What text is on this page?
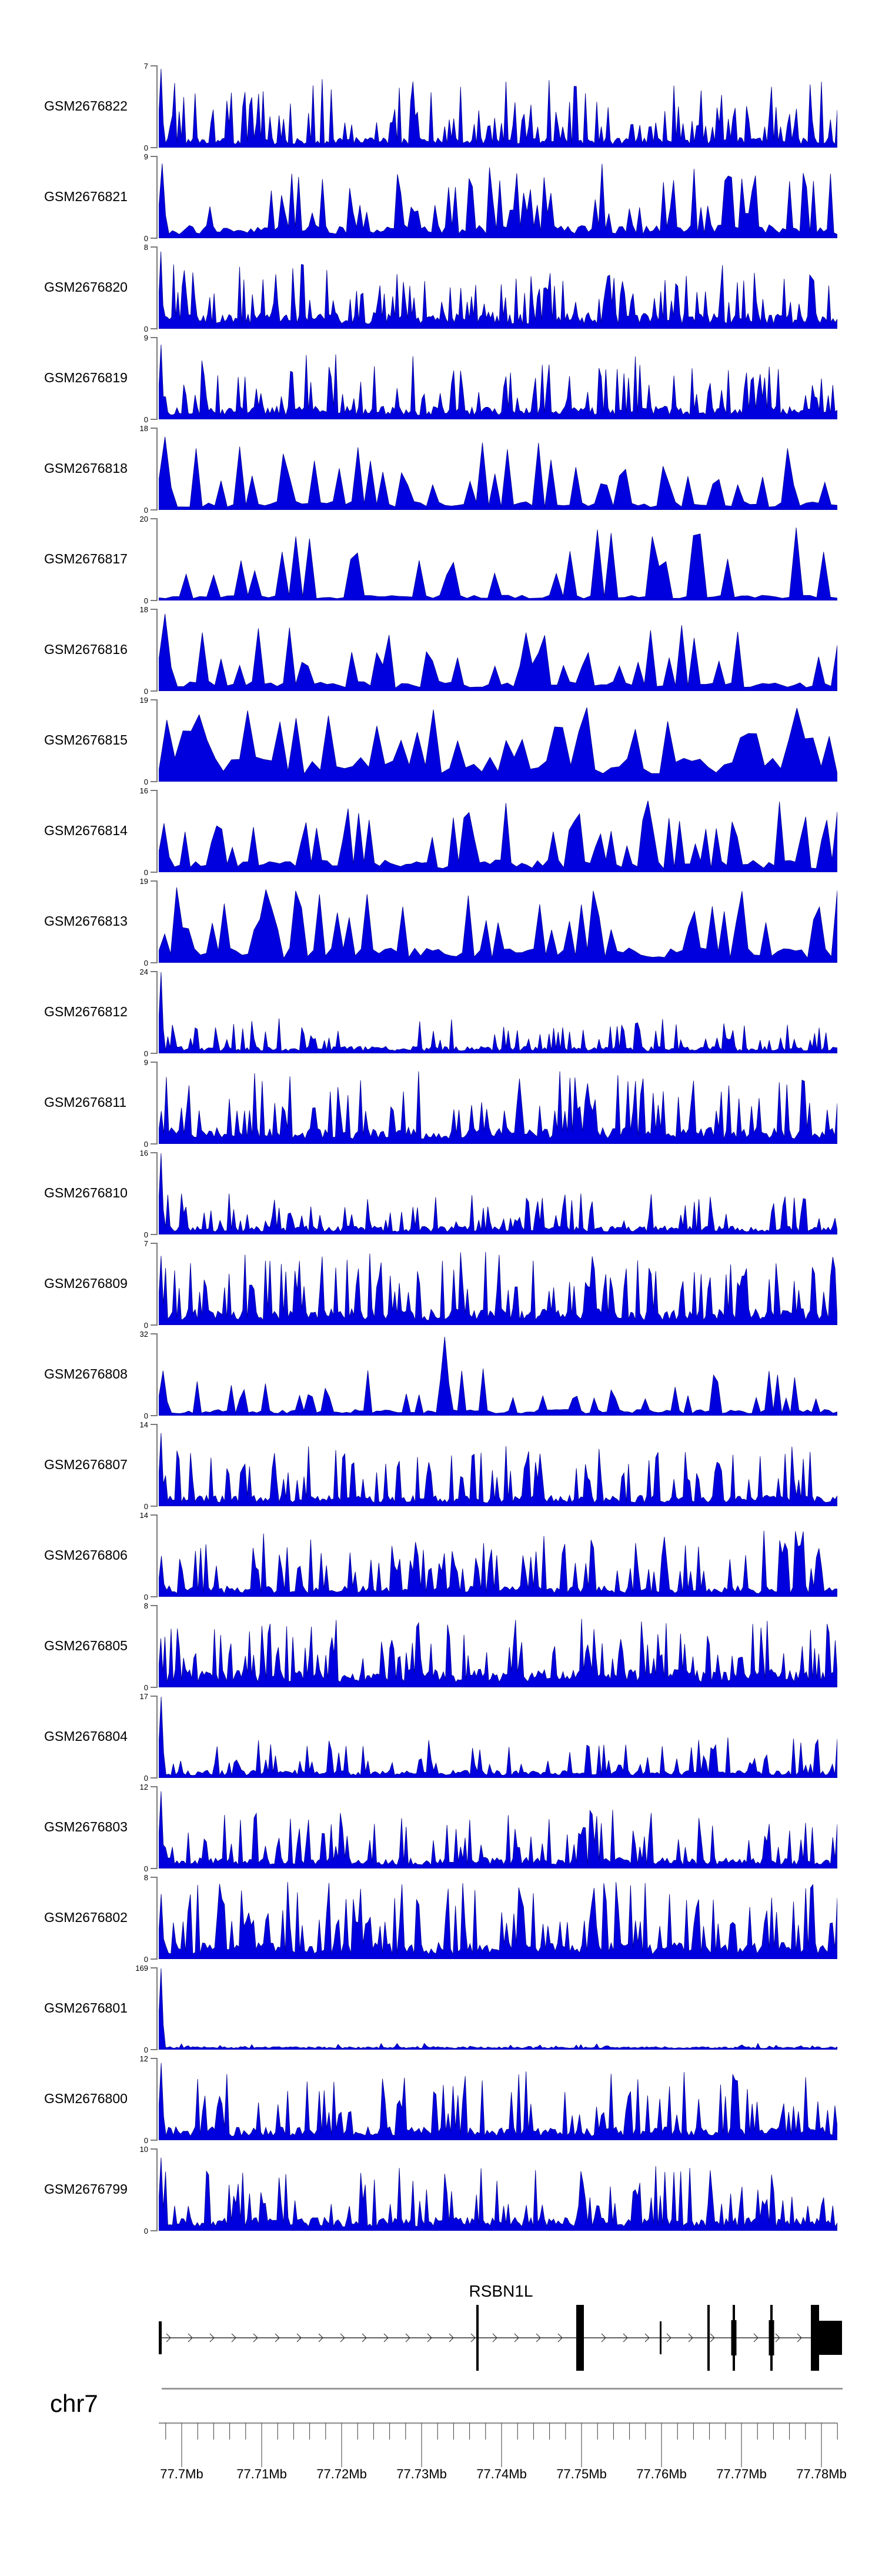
GSM2676822
7
0
GSM2676821
9
0
GSM2676820
8
0
GSM2676819
9
0
GSM2676818
18
0
GSM2676817
20
0
GSM2676816
18
0
GSM2676815
19
0
GSM2676814
16
0
GSM2676813
19
0
GSM2676812
24
0
GSM2676811
9
0
GSM2676810
16
0
GSM2676809
7
0
GSM2676808
32
0
GSM2676807
14
0
GSM2676806
14
0
GSM2676805
8
0
GSM2676804
17
0
GSM2676803
12
0
GSM2676802
8
0
GSM2676801
169
0
GSM2676800
12
0
GSM2676799
10
0
RSBN1L
chr7
77.7Mb	77.71Mb 77.72Mb 77.73Mb 77.74Mb 77.75Mb 77.76Mb 77.77Mb 77.78Mb
